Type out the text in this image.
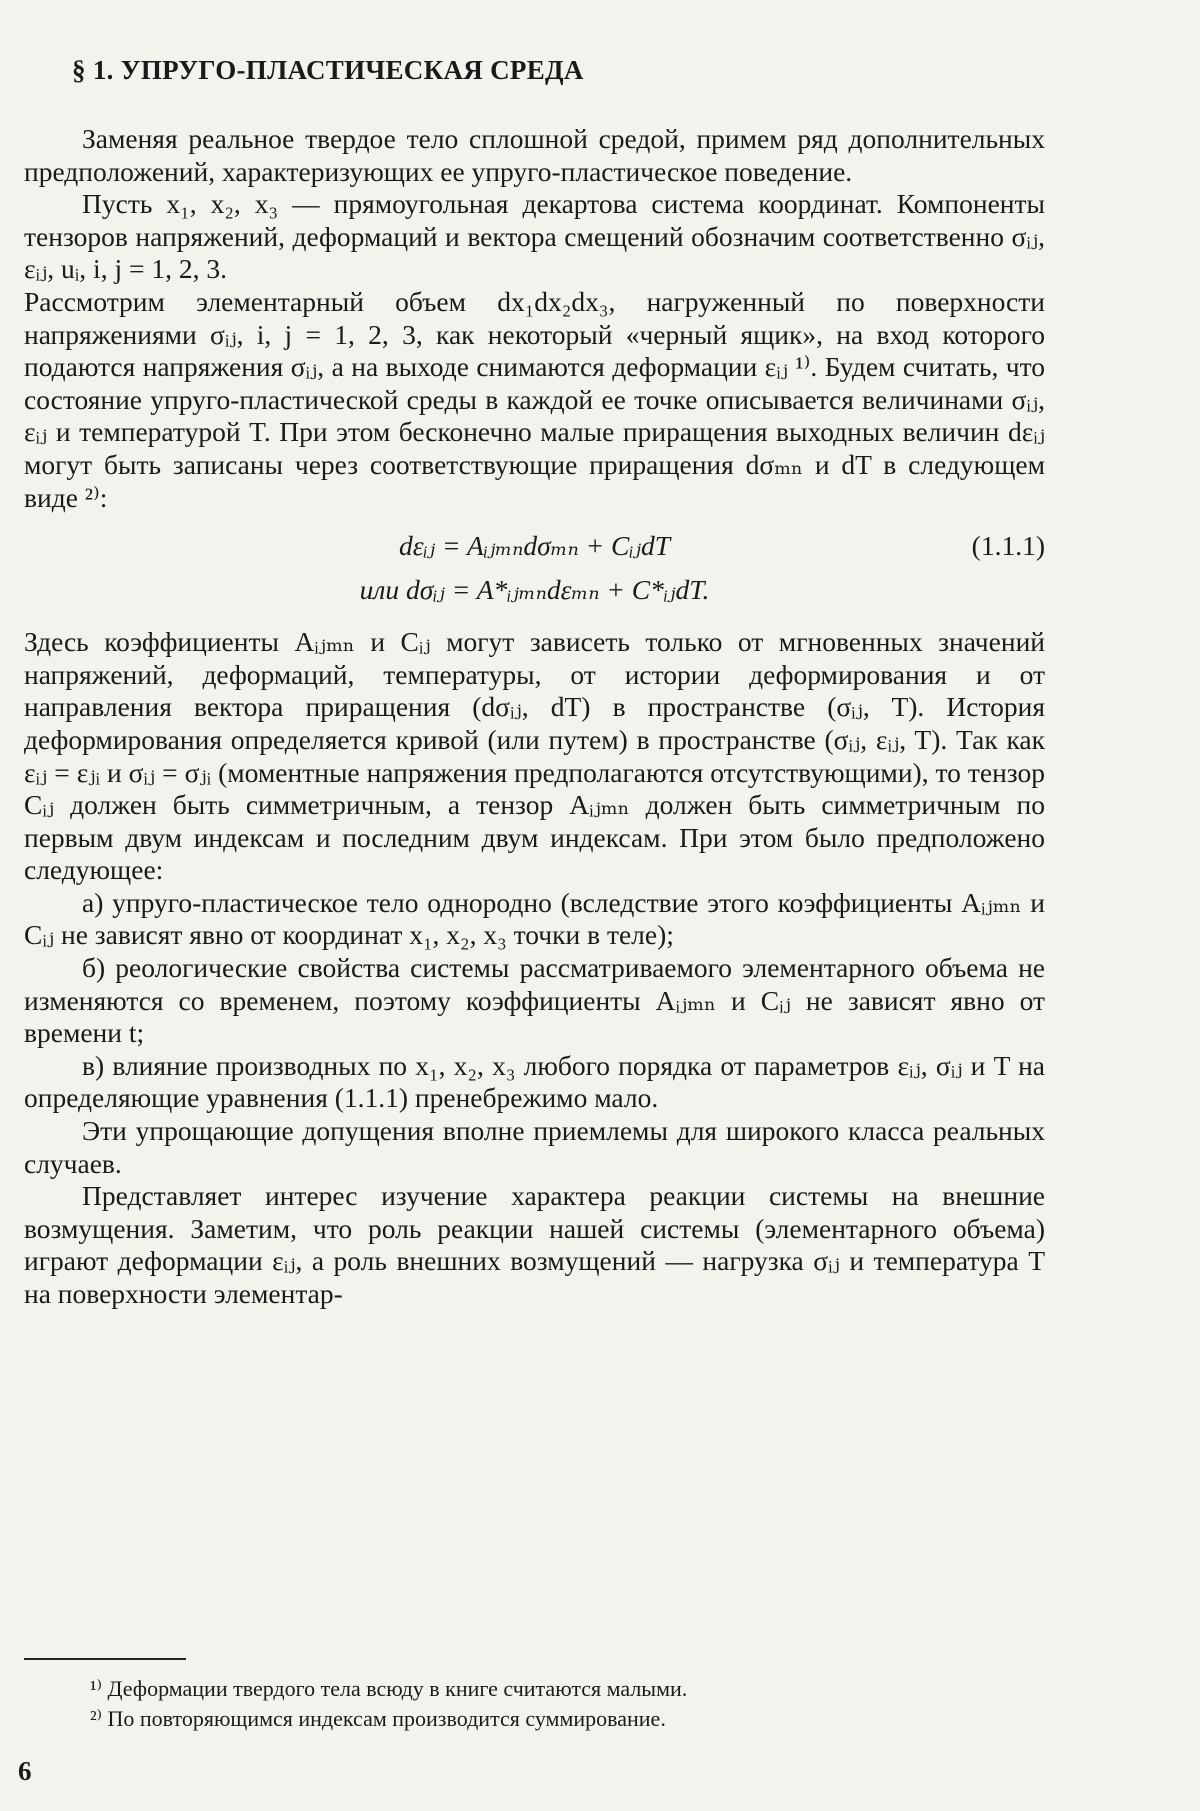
§ 1. УПРУГО-ПЛАСТИЧЕСКАЯ СРЕДА

Заменяя реальное твердое тело сплошной средой, примем ряд дополнительных предположений, характеризующих ее упруго-пластическое поведение.

Пусть x₁, x₂, x₃ — прямоугольная декартова система координат. Компоненты тензоров напряжений, деформаций и вектора смещений обозначим соответственно σᵢⱼ, εᵢⱼ, uᵢ, i, j = 1, 2, 3.

Рассмотрим элементарный объем dx₁dx₂dx₃, нагруженный по поверхности напряжениями σᵢⱼ, i, j = 1, 2, 3, как некоторый «черный ящик», на вход которого подаются напряжения σᵢⱼ, а на выходе снимаются деформации εᵢⱼ ¹⁾. Будем считать, что состояние упруго-пластической среды в каждой ее точке описывается величинами σᵢⱼ, εᵢⱼ и температурой T. При этом бесконечно малые приращения выходных величин dεᵢⱼ могут быть записаны через соответствующие приращения dσₘₙ и dT в следующем виде ²⁾:

dεᵢⱼ = Aᵢⱼₘₙdσₘₙ + CᵢⱼdT	(1.1.1)
или dσᵢⱼ = A*ᵢⱼₘₙdεₘₙ + C*ᵢⱼdT.

Здесь коэффициенты Aᵢⱼₘₙ и Cᵢⱼ могут зависеть только от мгновенных значений напряжений, деформаций, температуры, от истории деформирования и от направления вектора приращения (dσᵢⱼ, dT) в пространстве (σᵢⱼ, T). История деформирования определяется кривой (или путем) в пространстве (σᵢⱼ, εᵢⱼ, T). Так как εᵢⱼ = εⱼᵢ и σᵢⱼ = σⱼᵢ (моментные напряжения предполагаются отсутствующими), то тензор Cᵢⱼ должен быть симметричным, а тензор Aᵢⱼₘₙ должен быть симметричным по первым двум индексам и последним двум индексам. При этом было предположено следующее:

а) упруго-пластическое тело однородно (вследствие этого коэффициенты Aᵢⱼₘₙ и Cᵢⱼ не зависят явно от координат x₁, x₂, x₃ точки в теле);

б) реологические свойства системы рассматриваемого элементарного объема не изменяются со временем, поэтому коэффициенты Aᵢⱼₘₙ и Cᵢⱼ не зависят явно от времени t;

в) влияние производных по x₁, x₂, x₃ любого порядка от параметров εᵢⱼ, σᵢⱼ и T на определяющие уравнения (1.1.1) пренебрежимо мало.

Эти упрощающие допущения вполне приемлемы для широкого класса реальных случаев.

Представляет интерес изучение характера реакции системы на внешние возмущения. Заметим, что роль реакции нашей системы (элементарного объема) играют деформации εᵢⱼ, а роль внешних возмущений — нагрузка σᵢⱼ и температура T на поверхности элементар-

¹⁾ Деформации твердого тела всюду в книге считаются малыми.
²⁾ По повторяющимся индексам производится суммирование.
6
